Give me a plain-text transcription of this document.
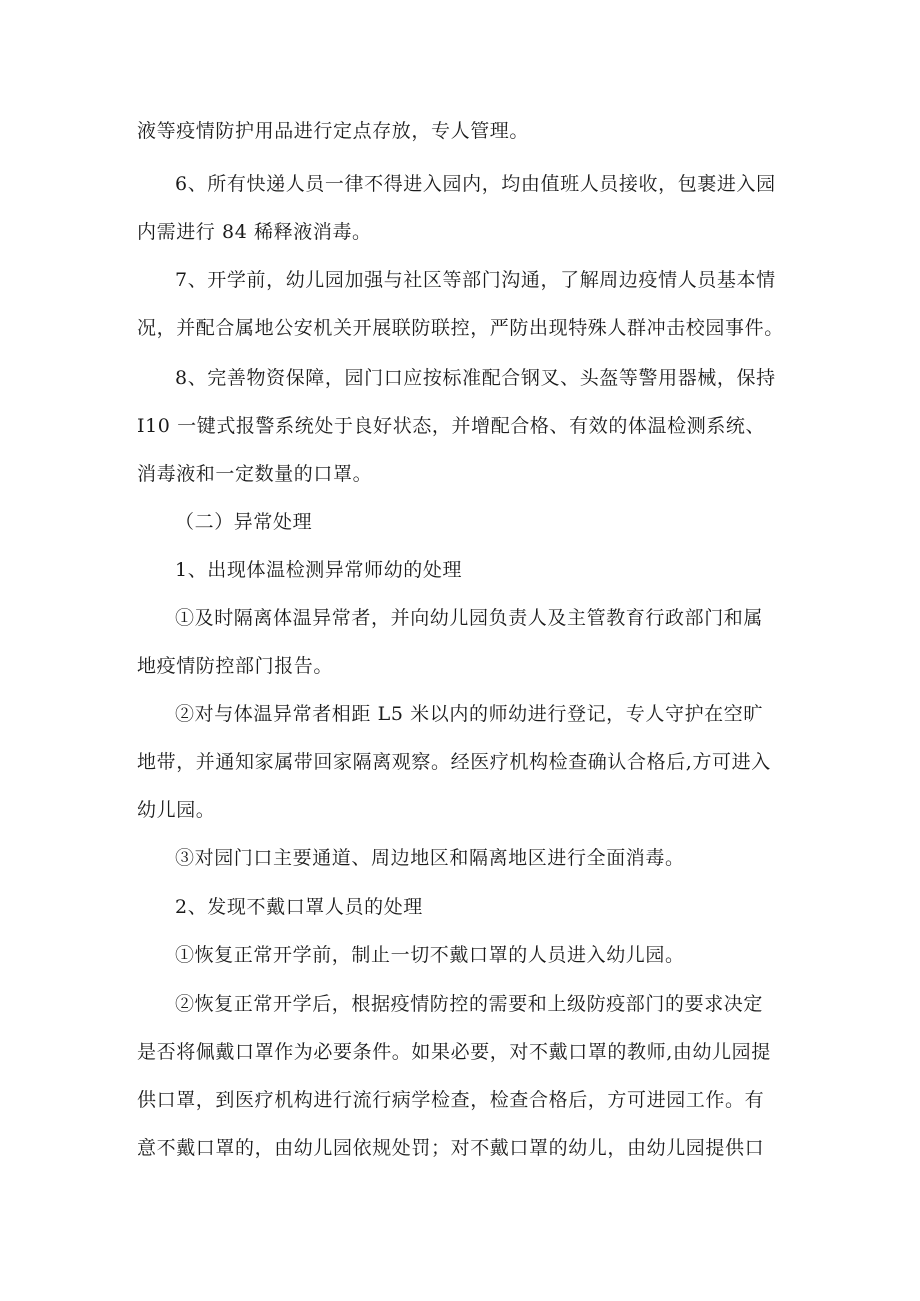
液等疫情防护用品进行定点存放，专人管理。

6、所有快递人员一律不得进入园内，均由值班人员接收，包裹进入园
内需进行 84 稀释液消毒。

7、开学前，幼儿园加强与社区等部门沟通，了解周边疫情人员基本情
况，并配合属地公安机关开展联防联控，严防出现特殊人群冲击校园事件。

8、完善物资保障，园门口应按标准配合钢叉、头盔等警用器械，保持
I10 一键式报警系统处于良好状态，并增配合格、有效的体温检测系统、
消毒液和一定数量的口罩。

（二）异常处理

1、出现体温检测异常师幼的处理

①及时隔离体温异常者，并向幼儿园负责人及主管教育行政部门和属
地疫情防控部门报告。

②对与体温异常者相距 L5 米以内的师幼进行登记，专人守护在空旷
地带，并通知家属带回家隔离观察。经医疗机构检查确认合格后,方可进入
幼儿园。

③对园门口主要通道、周边地区和隔离地区进行全面消毒。

2、发现不戴口罩人员的处理

①恢复正常开学前，制止一切不戴口罩的人员进入幼儿园。

②恢复正常开学后，根据疫情防控的需要和上级防疫部门的要求决定
是否将佩戴口罩作为必要条件。如果必要，对不戴口罩的教师,由幼儿园提
供口罩，到医疗机构进行流行病学检查，检查合格后，方可进园工作。有
意不戴口罩的，由幼儿园依规处罚；对不戴口罩的幼儿，由幼儿园提供口
